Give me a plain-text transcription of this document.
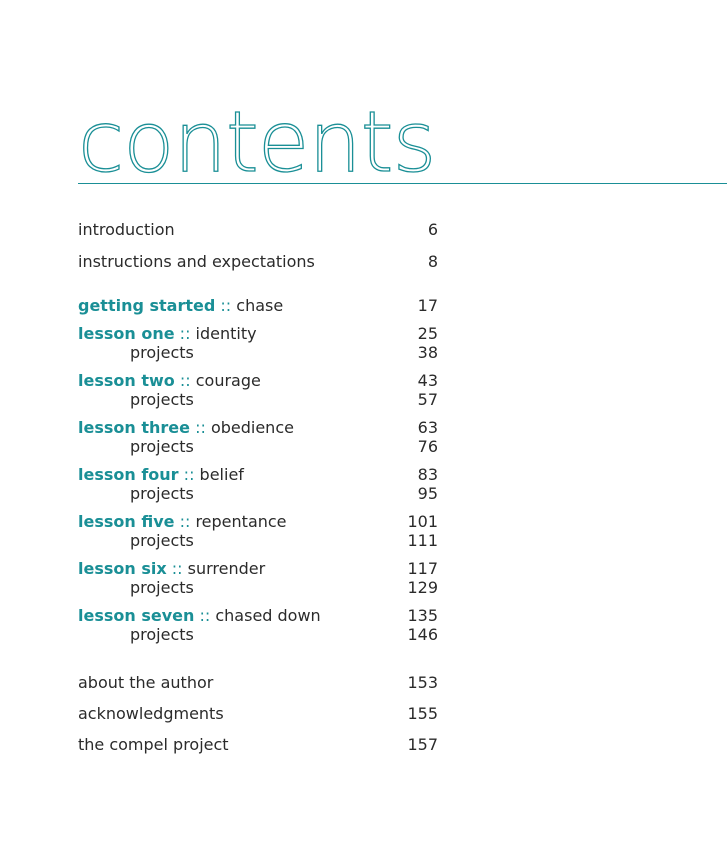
contents
introduction	6
instructions and expectations	8
getting started :: chase	17
lesson one :: identity	25
projects	38
lesson two :: courage	43
projects	57
lesson three :: obedience	63
projects	76
lesson four :: belief	83
projects	95
lesson five :: repentance	101
projects	111
lesson six :: surrender	117
projects	129
lesson seven :: chased down	135
projects	146
about the author	153
acknowledgments	155
the compel project	157
